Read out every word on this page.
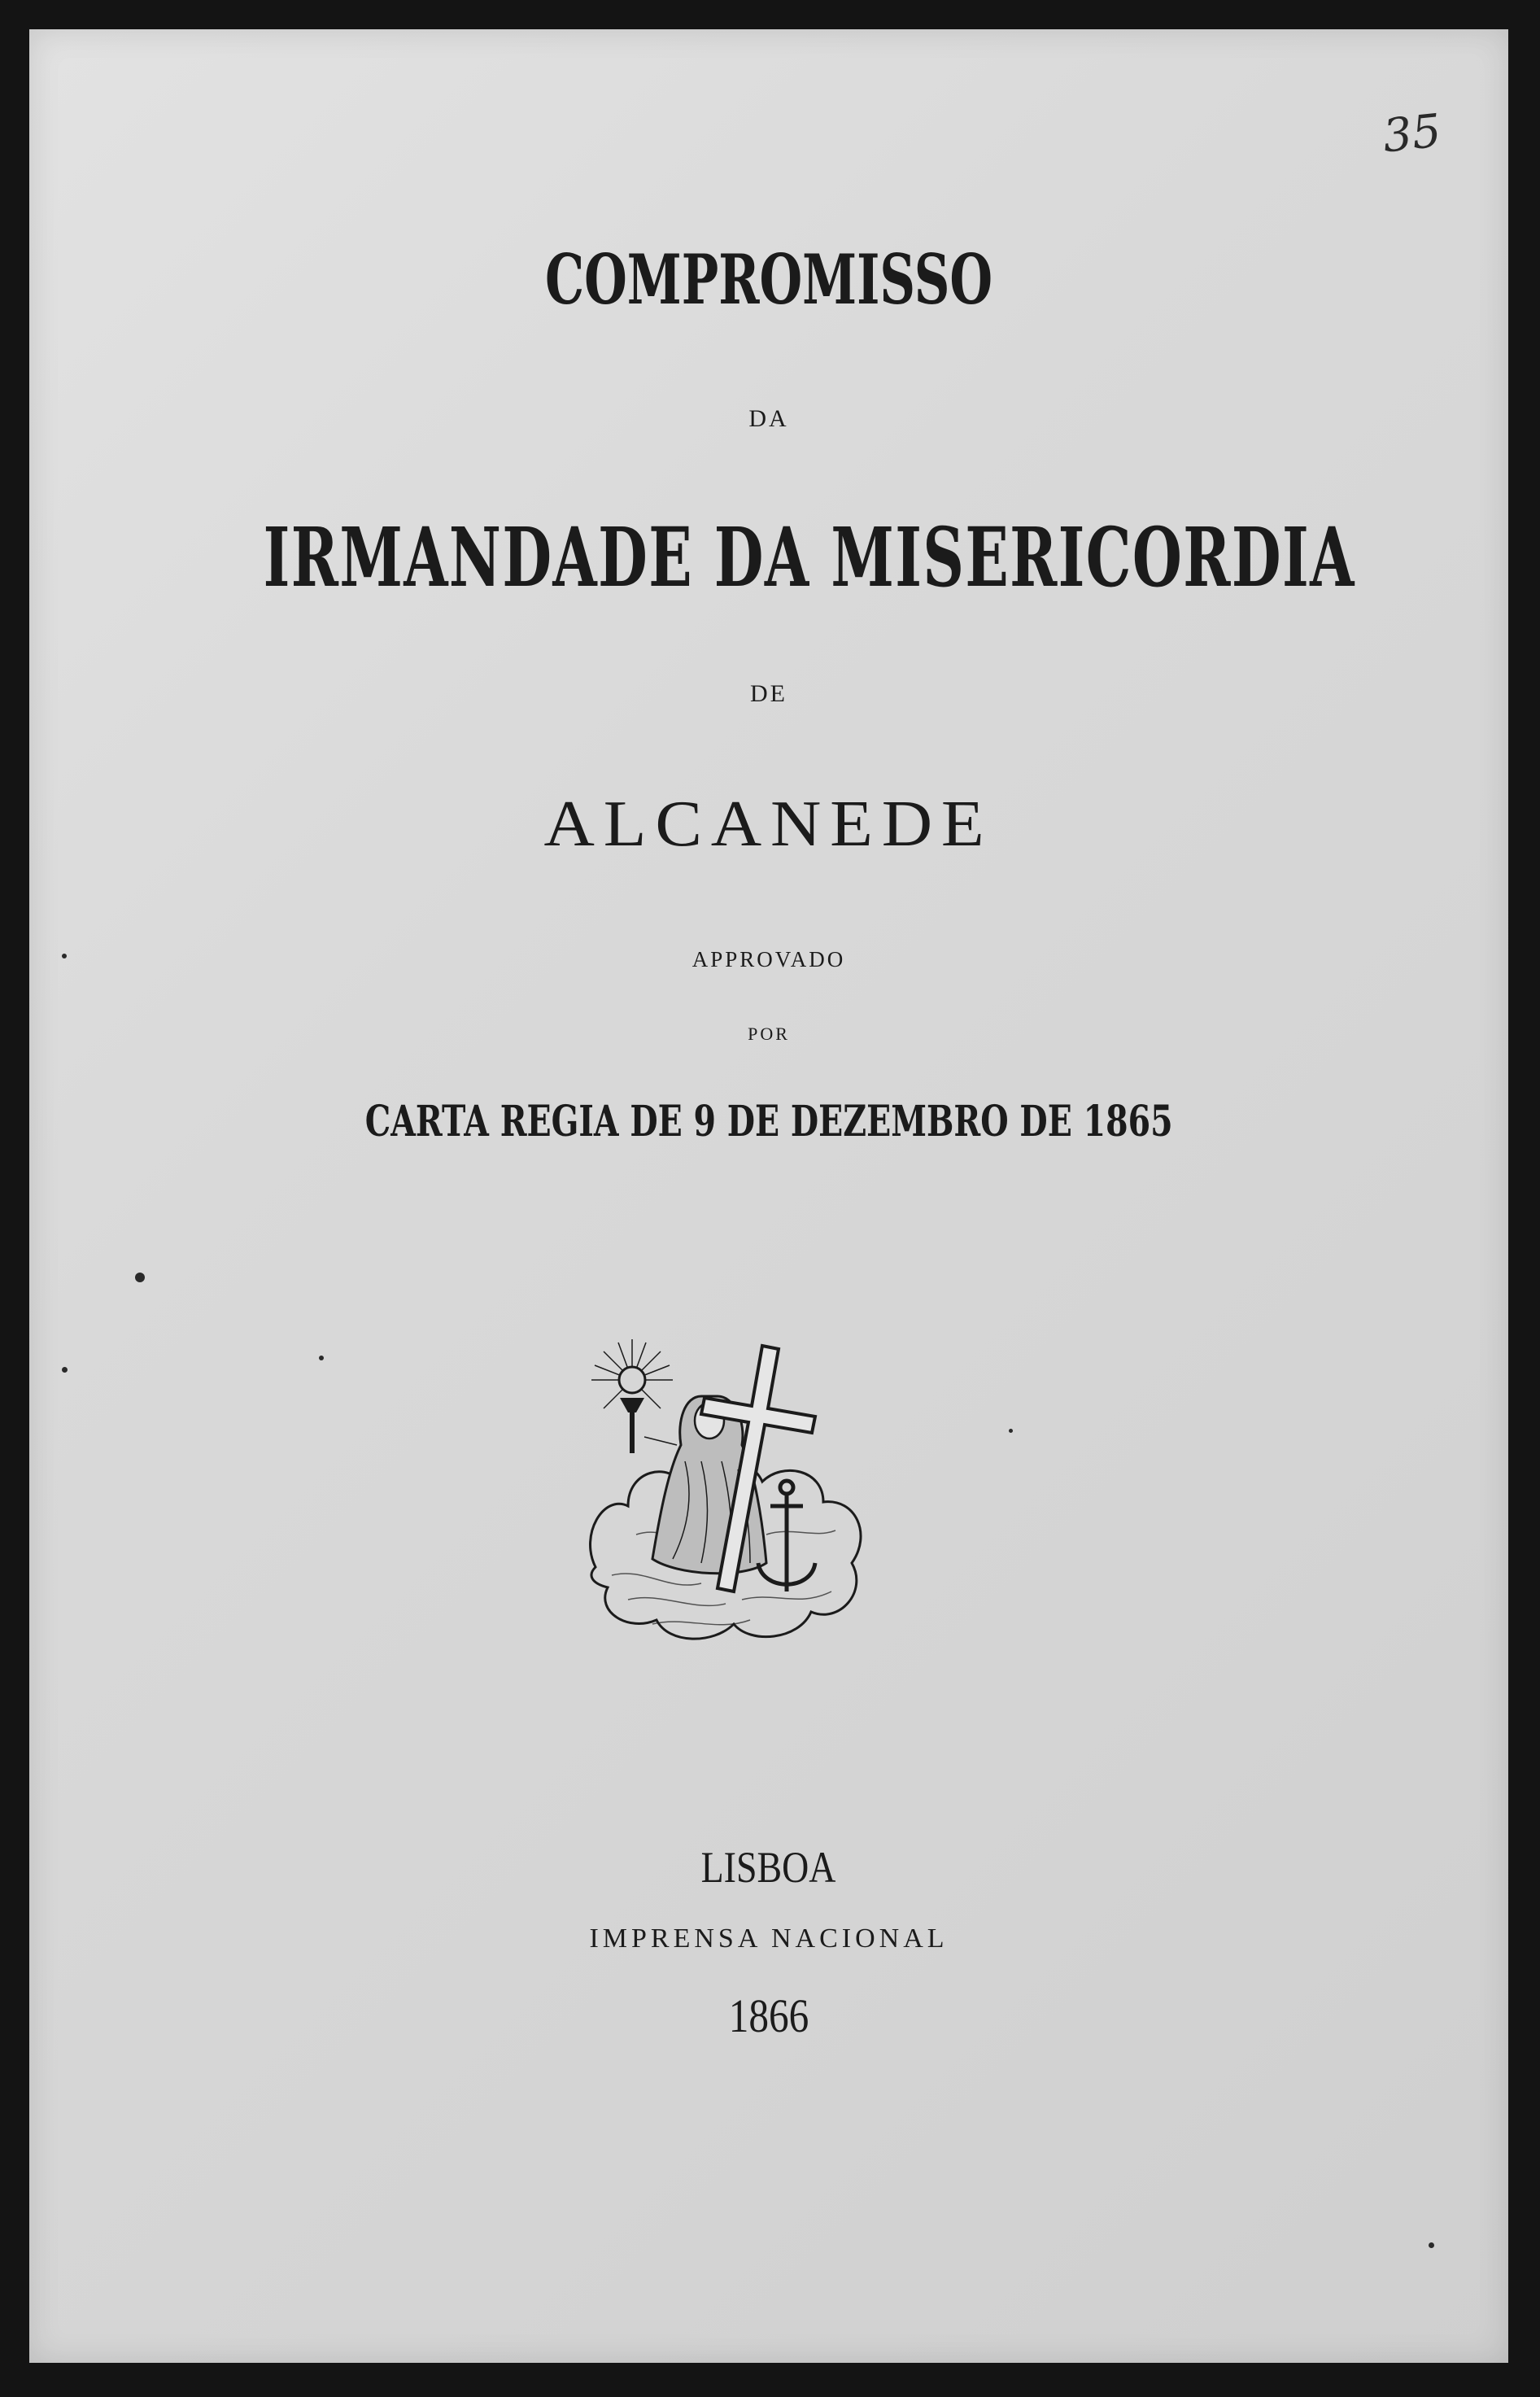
35
COMPROMISSO
DA
IRMANDADE DA MISERICORDIA
DE
ALCANEDE
APPROVADO
POR
CARTA REGIA DE 9 DE DEZEMBRO DE 1865
LISBOA
IMPRENSA NACIONAL
1866
